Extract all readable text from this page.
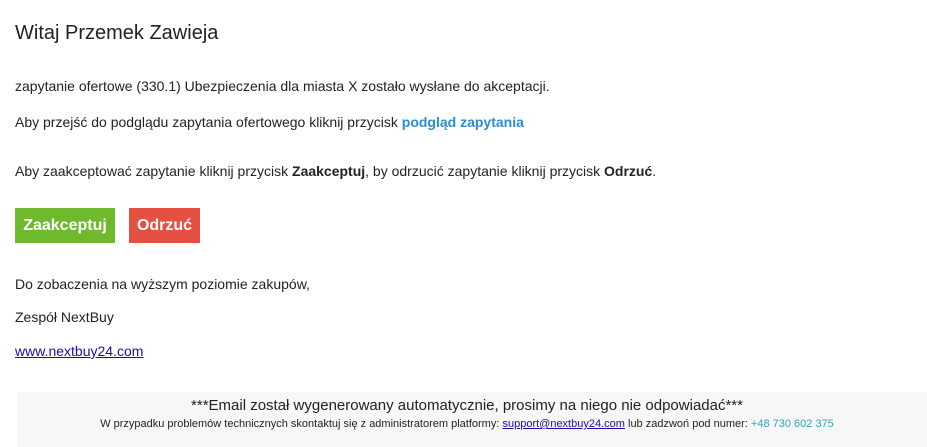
Witaj Przemek Zawieja

zapytanie ofertowe (330.1) Ubezpieczenia dla miasta X zostało wysłane do akceptacji.

Aby przejść do podglądu zapytania ofertowego kliknij przycisk podgląd zapytania

Aby zaakceptować zapytanie kliknij przycisk Zaakceptuj, by odrzucić zapytanie kliknij przycisk Odrzuć.

Zaakceptuj	Odrzuć

Do zobaczenia na wyższym poziomie zakupów,

Zespół NextBuy

www.nextbuy24.com

***Email został wygenerowany automatycznie, prosimy na niego nie odpowiadać***
W przypadku problemów technicznych skontaktuj się z administratorem platformy: support@nextbuy24.com lub zadzwoń pod numer: +48 730 602 375
